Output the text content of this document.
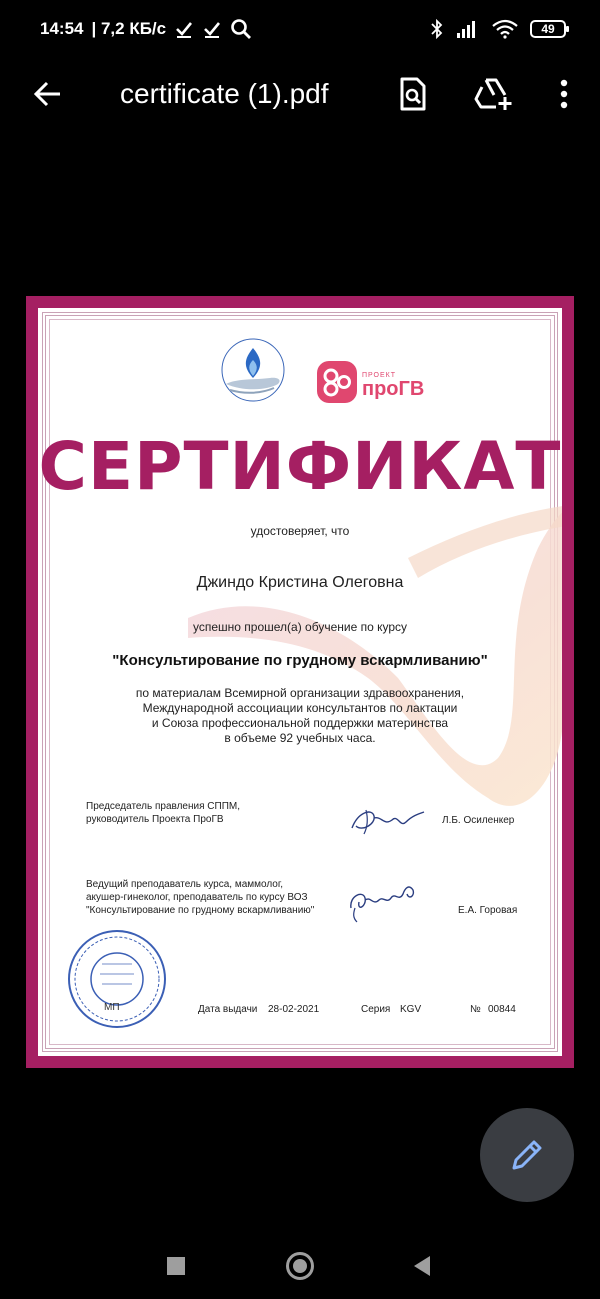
14:54 | 7,2 КБ/с	49
certificate (1).pdf
ПРОЕКТ
проГВ
СЕРТИФИКАТ
удостоверяет, что
Джиндо Кристина Олеговна
успешно прошел(а) обучение по курсу
"Консультирование по грудному вскармливанию"
по материалам Всемирной организации здравоохранения,
Международной ассоциации консультантов по лактации
и Союза профессиональной поддержки материнства
в объеме 92 учебных часа.
Председатель правления СППМ,
руководитель Проекта ПроГВ	Л.Б. Осиленкер
Ведущий преподаватель курса, маммолог,
акушер-гинеколог, преподаватель по курсу ВОЗ
"Консультирование по грудному вскармливанию"	Е.А. Горовая
МП	Дата выдачи 28-02-2021	Серия KGV	№ 00844
